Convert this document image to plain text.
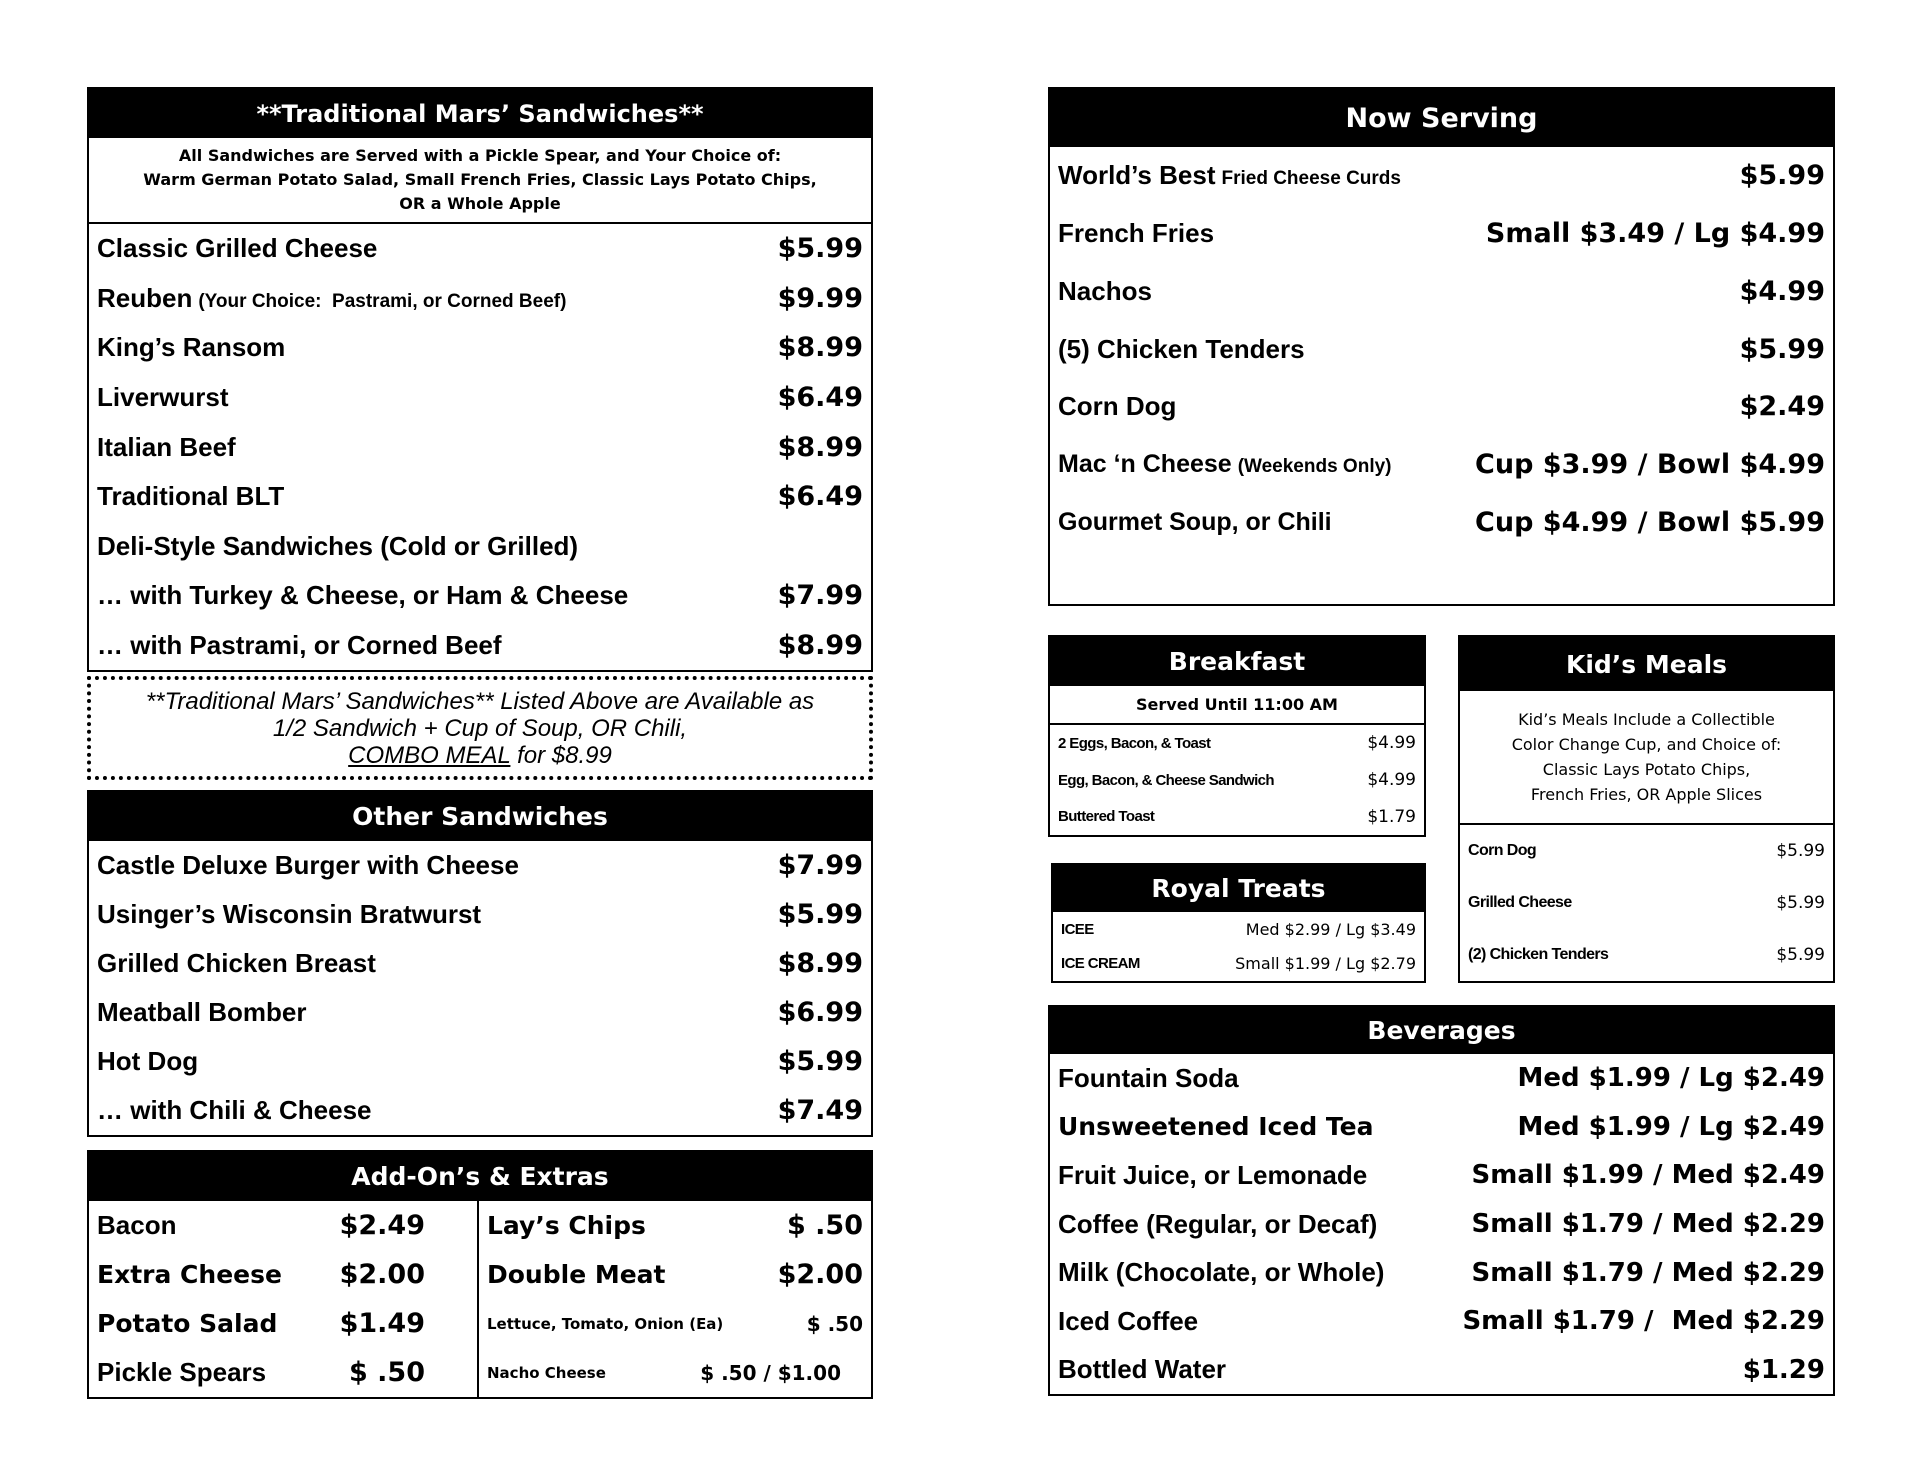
**Traditional Mars’ Sandwiches**
All Sandwiches are Served with a Pickle Spear, and Your Choice of:
Warm German Potato Salad, Small French Fries, Classic Lays Potato Chips,
OR a Whole Apple
Classic Grilled Cheese	$5.99
Reuben (Your Choice:  Pastrami, or Corned Beef)	$9.99
King’s Ransom	$8.99
Liverwurst	$6.49
Italian Beef	$8.99
Traditional BLT	$6.49
Deli-Style Sandwiches (Cold or Grilled)
… with Turkey & Cheese, or Ham & Cheese	$7.99
… with Pastrami, or Corned Beef	$8.99
**Traditional Mars’ Sandwiches** Listed Above are Available as
1/2 Sandwich + Cup of Soup, OR Chili,
COMBO MEAL for $8.99
Other Sandwiches
Castle Deluxe Burger with Cheese	$7.99
Usinger’s Wisconsin Bratwurst	$5.99
Grilled Chicken Breast	$8.99
Meatball Bomber	$6.99
Hot Dog	$5.99
… with Chili & Cheese	$7.49
Add-On’s & Extras
Bacon	$2.49
Extra Cheese $2.00
Potato Salad $1.49
Pickle Spears	$ .50
Lay’s Chips	$ .50
Double Meat	$2.00
Lettuce, Tomato, Onion (Ea)	$ .50
Nacho Cheese	$ .50 / $1.00
Now Serving
World’s Best Fried Cheese Curds	$5.99
French Fries	Small $3.49 / Lg $4.99
Nachos	$4.99
(5) Chicken Tenders	$5.99
Corn Dog	$2.49
Mac ‘n Cheese (Weekends Only)	Cup $3.99 / Bowl $4.99
Gourmet Soup, or Chili	Cup $4.99 / Bowl $5.99
Breakfast
Served Until 11:00 AM
2 Eggs, Bacon, & Toast	$4.99
Egg, Bacon, & Cheese Sandwich	$4.99
Buttered Toast	$1.79
Royal Treats
ICEE	Med $2.99 / Lg $3.49
ICE CREAM	Small $1.99 / Lg $2.79
Kid’s Meals
Kid’s Meals Include a Collectible
Color Change Cup, and Choice of:
Classic Lays Potato Chips,
French Fries, OR Apple Slices
Corn Dog	$5.99
Grilled Cheese	$5.99
(2) Chicken Tenders	$5.99
Beverages
Fountain Soda	Med $1.99 / Lg $2.49
Unsweetened Iced Tea	Med $1.99 / Lg $2.49
Fruit Juice, or Lemonade	Small $1.99 / Med $2.49
Coffee (Regular, or Decaf)	Small $1.79 / Med $2.29
Milk (Chocolate, or Whole)	Small $1.79 / Med $2.29
Iced Coffee	Small $1.79 /  Med $2.29
Bottled Water	$1.29
